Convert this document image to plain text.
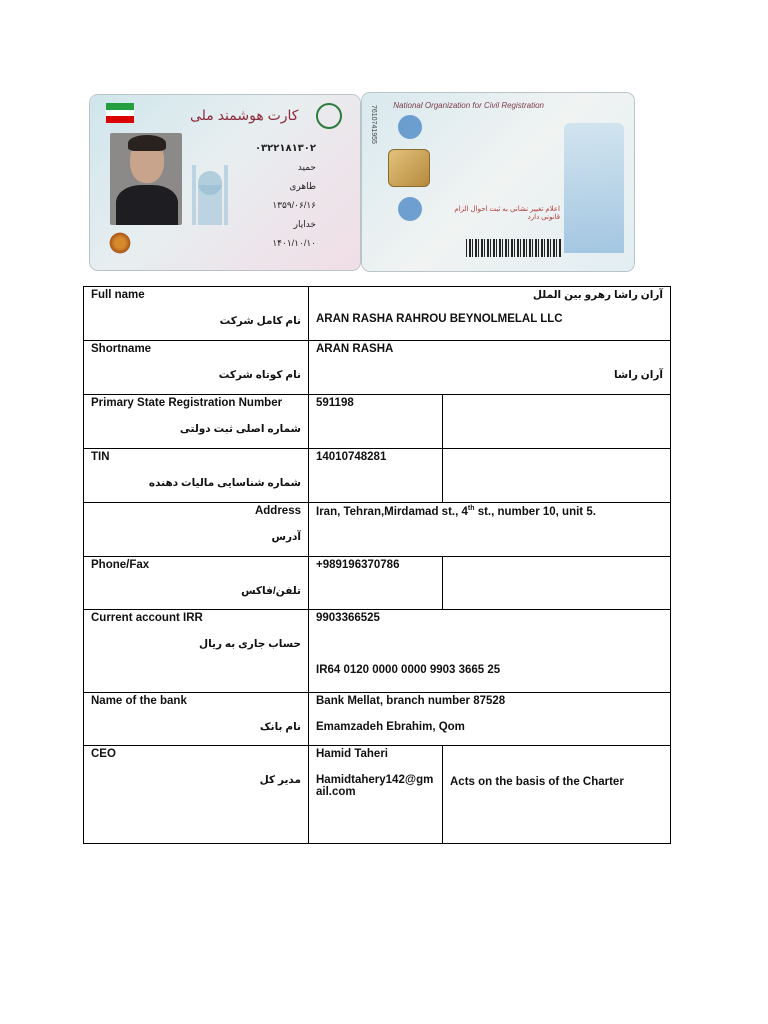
کارت هوشمند ملی
۰۳۲۲۱۸۱۳۰۲
حمید
طاهری
۱۳۵۹/۰۶/۱۶
خدایار
۱۴۰۱/۱۰/۱۰
7610741955 National Organization for Civil Registration
اعلام تغییر نشانی به ثبت احوال الزام قانونی دارد
Full name
نام کامل شرکت	آران راشا رهرو بین الملل
ARAN RASHA RAHROU BEYNOLMELAL LLC	

Shortname
نام کوتاه شرکت	ARAN RASHA
آران راشا	

Primary State Registration Number
شماره اصلی ثبت دولتی	591198	

TIN
شماره شناسایی مالیات دهنده	14010748281	

Address
آدرس	Iran, Tehran,Mirdamad st., 4th st., number 10, unit 5.	

Phone/Fax
تلفن/فاکس	+989196370786	

Current account IRR
حساب جاری به ریال	9903366525
IR64 0120 0000 0000 9903 3665 25	

Name of the bank
نام بانک	Bank Mellat, branch number 87528
Emamzadeh Ebrahim, Qom	

CEO
مدیر کل	Hamid Taheri
Hamidtahery142@gmail.com	Acts on the basis of the Charter
